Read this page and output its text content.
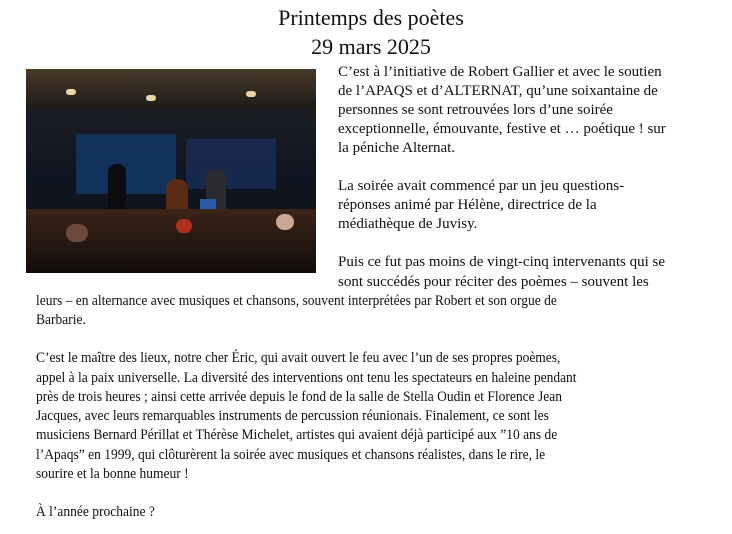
Printemps des poètes
29 mars 2025
C’est à l’initiative de Robert Gallier et avec le soutien
de l’APAQS et d’ALTERNAT, qu’une soixantaine de
personnes se sont retrouvées lors d’une soirée
exceptionnelle, émouvante, festive et … poétique ! sur
la péniche Alternat.
La soirée avait commencé par un jeu questions-
réponses animé par Hélène, directrice de la
médiathèque de Juvisy.
Puis ce fut pas moins de vingt-cinq intervenants qui se
sont succédés pour réciter des poèmes – souvent les
leurs – en alternance avec musiques et chansons, souvent interprétées par Robert et son orgue de
Barbarie.
C’est le maître des lieux, notre cher Éric, qui avait ouvert le feu avec l’un de ses propres poèmes,
appel à la paix universelle. La diversité des interventions ont tenu les spectateurs en haleine pendant
près de trois heures ; ainsi cette arrivée depuis le fond de la salle de Stella Oudin et Florence Jean
Jacques, avec leurs remarquables instruments de percussion réunionais. Finalement, ce sont les
musiciens Bernard Périllat et Thérèse Michelet, artistes qui avaient déjà participé aux ”10 ans de
l’Apaqs” en 1999, qui clôturèrent la soirée avec musiques et chansons réalistes, dans le rire, le
sourire et la bonne humeur !
À l’année prochaine ?
